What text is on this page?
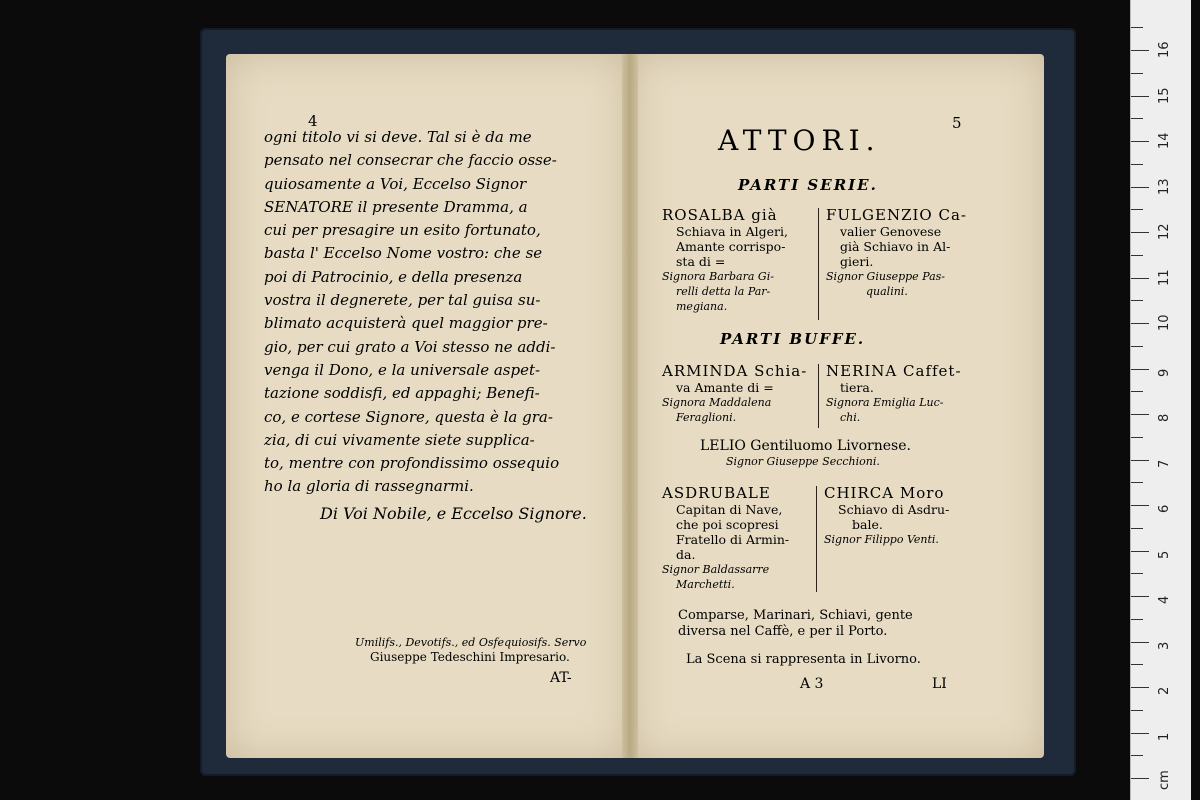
4
ogni titolo vi si deve. Tal si è da me
pensato nel consecrar che faccio osse-
quiosamente a Voi, Eccelso Signor
SENATORE il presente Dramma, a
cui per presagire un esito fortunato,
basta l' Eccelso Nome vostro: che se
poi di Patrocinio, e della presenza
vostra il degnerete, per tal guisa su-
blimato acquisterà quel maggior pre-
gio, per cui grato a Voi stesso ne addi-
venga il Dono, e la universale aspet-
tazione soddisfi, ed appaghi; Benefi-
co, e cortese Signore, questa è la gra-
zia, di cui vivamente siete supplica-
to, mentre con profondissimo ossequio
ho la gloria di rassegnarmi.
Di Voi Nobile, e Eccelso Signore.
Umilifs., Devotifs., ed Osfequiosifs. Servo
Giuseppe Tedeschini Impresario.
AT-
5
ATTORI.
PARTI SERIE.
ROSALBA già
Schiava in Algeri,
Amante corrispo-
sta di =
Signora Barbara Gi-
relli detta la Par-
megiana.
FULGENZIO Ca-
valier Genovese
già Schiavo in Al-
gieri.
Signor Giuseppe Pas-
qualini.
PARTI BUFFE.
ARMINDA Schia-
va Amante di =
Signora Maddalena
Feraglioni.
NERINA Caffet-
tiera.
Signora Emiglia Luc-
chi.
LELIO Gentiluomo Livornese.
Signor Giuseppe Secchioni.
ASDRUBALE
Capitan di Nave,
che poi scopresi
Fratello di Armin-
da.
Signor Baldassarre
Marchetti.
CHIRCA Moro
Schiavo di Asdru-
bale.
Signor Filippo Venti.
Comparse, Marinari, Schiavi, gente
diversa nel Caffè, e per il Porto.
La Scena si rappresenta in Livorno.
A 3	LI
1
2
3
4
5
6
7
8
9
10
11
12
13
14
15
16
cm
